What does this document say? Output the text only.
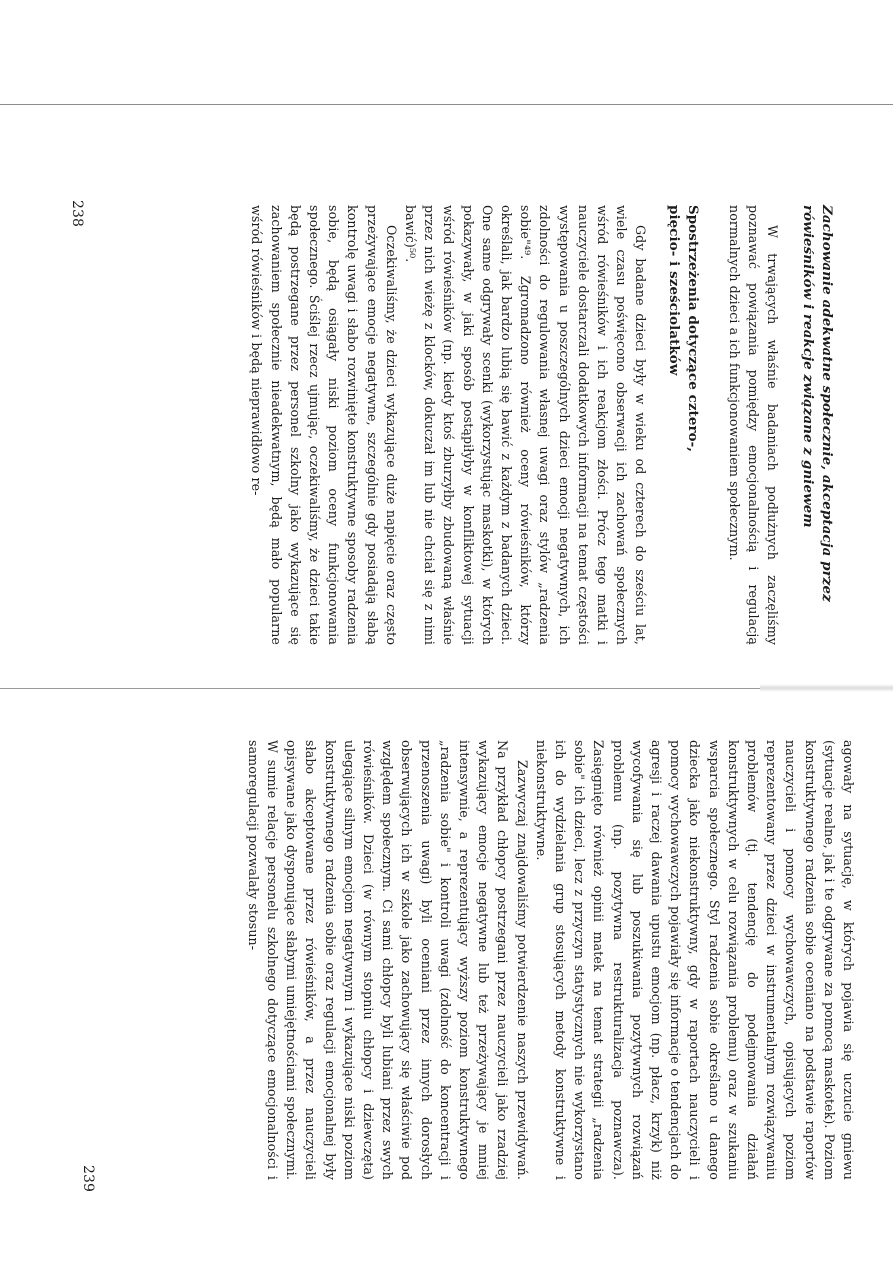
Zachowanie adekwatne społecznie, akceptacja przez rówieśników i reakcje związane z gniewem

W trwających właśnie badaniach podłużnych zaczęliśmy poznawać powiązania pomiędzy emocjonalnością i regulacją normalnych dzieci a ich funkcjonowaniem społecznym.

Spostrzeżenia dotyczące cztero-, pięcio- i sześciolatków

Gdy badane dzieci były w wieku od czterech do sześciu lat, wiele czasu poświęcono obserwacji ich zachowań społecznych wśród rówieśników i ich reakcjom złości. Prócz tego matki i nauczyciele dostarczali dodatkowych informacji na temat częstości występowania u poszczególnych dzieci emocji negatywnych, ich zdolności do regulowania własnej uwagi oraz stylów „radzenia sobie"⁴⁹. Zgromadzono również oceny rówieśników, którzy określali, jak bardzo lubią się bawić z każdym z badanych dzieci. One same odgrywały scenki (wykorzystując maskotki), w których pokazywały, w jaki sposób postąpiłyby w konfliktowej sytuacji wśród rówieśników (np. kiedy ktoś zburzyłby zbudowaną właśnie przez nich wieżę z klocków, dokuczał im lub nie chciał się z nimi bawić)⁵⁰.

Oczekiwaliśmy, że dzieci wykazujące duże napięcie oraz często przeżywające emocje negatywne, szczególnie gdy posiadają słabą kontrolę uwagi i słabo rozwinięte konstruktywne sposoby radzenia sobie, będą osiągały niski poziom oceny funkcjonowania społecznego. Ściślej rzecz ujmując, oczekiwaliśmy, że dzieci takie będą postrzegane przez personel szkolny jako wykazujące się zachowaniem społecznie nieadekwatnym, będą mało popularne wśród rówieśników i będą nieprawidłowo re-

238

agowały na sytuację, w których pojawia się uczucie gniewu (sytuacje realne, jak i te odgrywane za pomocą maskotek). Poziom konstruktywnego radzenia sobie oceniano na podstawie raportów nauczycieli i pomocy wychowawczych, opisujących poziom reprezentowany przez dzieci w instrumentalnym rozwiązywaniu problemów (tj. tendencję do podejmowania działań konstruktywnych w celu rozwiązania problemu) oraz w szukaniu wsparcia społecznego. Styl radzenia sobie określano u danego dziecka jako niekonstruktywny, gdy w raportach nauczycieli i pomocy wychowawczych pojawiały się informacje o tendencjach do agresji i raczej dawania upustu emocjom (np. płacz, krzyk) niż wycofywania się lub poszukiwania pozytywnych rozwiązań problemu (np. pozytywna restrukturalizacja poznawcza). Zasięgnięto również opinii matek na temat strategii „radzenia sobie" ich dzieci, lecz z przyczyn statystycznych nie wykorzystano ich do wydzielania grup stosujących metody konstruktywne i niekonstruktywne.

Zazwyczaj znajdowaliśmy potwierdzenie naszych przewidywań. Na przykład chłopcy postrzegani przez nauczycieli jako rzadziej wykazujący emocje negatywne lub też przeżywający je mniej intensywnie, a reprezentujący wyższy poziom konstruktywnego „radzenia sobie" i kontroli uwagi (zdolność do koncentracji i przenoszenia uwagi) byli oceniani przez innych dorosłych obserwujących ich w szkole jako zachowujący się właściwie pod względem społecznym. Ci sami chłopcy byli lubiani przez swych rówieśników. Dzieci (w równym stopniu chłopcy i dziewczęta) ulegające silnym emocjom negatywnym i wykazujące niski poziom konstruktywnego radzenia sobie oraz regulacji emocjonalnej były słabo akceptowane przez rówieśników, a przez nauczycieli opisywane jako dysponujące słabymi umiejętnościami społecznymi. W sumie relacje personelu szkolnego dotyczące emocjonalności i samoregulacji pozwalały stosun-

239
